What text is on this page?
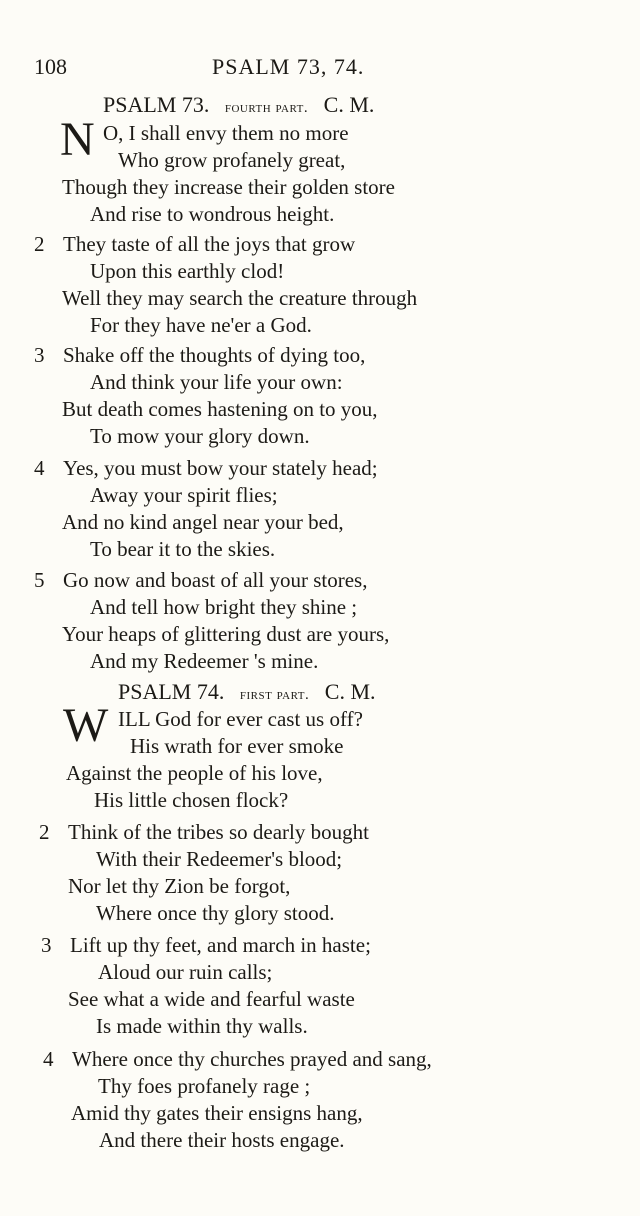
108	PSALM 73, 74.
PSALM 73. fourth part. C. M.
N O, I shall envy them no more
Who grow profanely great,
Though they increase their golden store
And rise to wondrous height.
2 They taste of all the joys that grow
Upon this earthly clod!
Well they may search the creature through
For they have ne'er a God.
3 Shake off the thoughts of dying too,
And think your life your own:
But death comes hastening on to you,
To mow your glory down.
4 Yes, you must bow your stately head;
Away your spirit flies;
And no kind angel near your bed,
To bear it to the skies.
5 Go now and boast of all your stores,
And tell how bright they shine ;
Your heaps of glittering dust are yours,
And my Redeemer 's mine.
PSALM 74. first part. C. M.
W ILL God for ever cast us off?
His wrath for ever smoke
Against the people of his love,
His little chosen flock?
2 Think of the tribes so dearly bought
With their Redeemer's blood;
Nor let thy Zion be forgot,
Where once thy glory stood.
3 Lift up thy feet, and march in haste;
Aloud our ruin calls;
See what a wide and fearful waste
Is made within thy walls.
4 Where once thy churches prayed and sang,
Thy foes profanely rage ;
Amid thy gates their ensigns hang,
And there their hosts engage.
